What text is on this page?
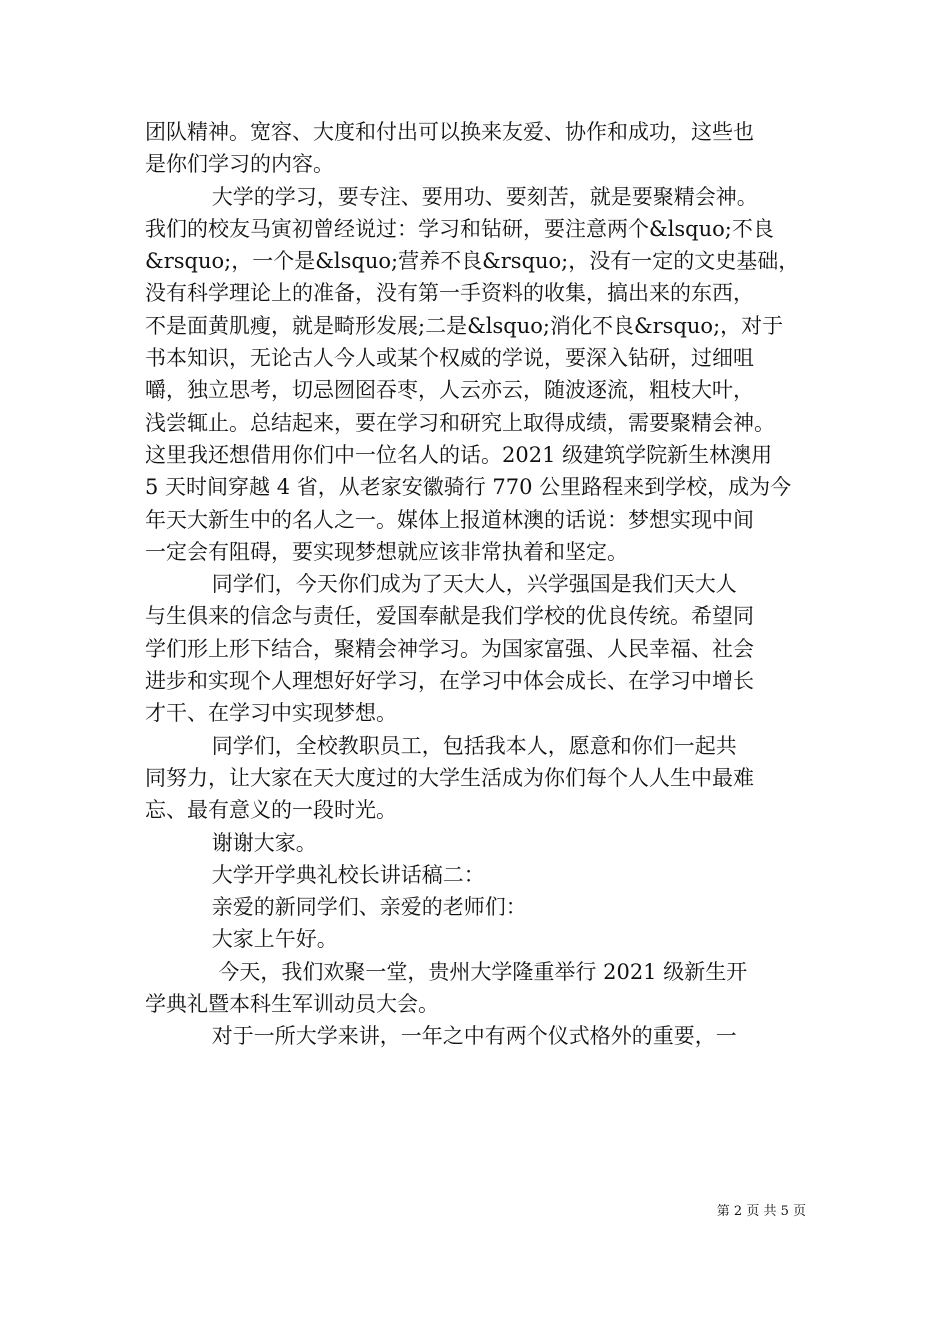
团队精神。宽容、大度和付出可以换来友爱、协作和成功，这些也
是你们学习的内容。
大学的学习，要专注、要用功、要刻苦，就是要聚精会神。
我们的校友马寅初曾经说过：学习和钻研，要注意两个&lsquo;不良
&rsquo;，一个是&lsquo;营养不良&rsquo;，没有一定的文史基础，
没有科学理论上的准备，没有第一手资料的收集，搞出来的东西，
不是面黄肌瘦，就是畸形发展;二是&lsquo;消化不良&rsquo;，对于
书本知识，无论古人今人或某个权威的学说，要深入钻研，过细咀
嚼，独立思考，切忌囫囵吞枣，人云亦云，随波逐流，粗枝大叶，
浅尝辄止。总结起来，要在学习和研究上取得成绩，需要聚精会神。
这里我还想借用你们中一位名人的话。2021 级建筑学院新生林澳用
5 天时间穿越 4 省，从老家安徽骑行 770 公里路程来到学校，成为今
年天大新生中的名人之一。媒体上报道林澳的话说：梦想实现中间
一定会有阻碍，要实现梦想就应该非常执着和坚定。
同学们，今天你们成为了天大人，兴学强国是我们天大人
与生俱来的信念与责任，爱国奉献是我们学校的优良传统。希望同
学们形上形下结合，聚精会神学习。为国家富强、人民幸福、社会
进步和实现个人理想好好学习，在学习中体会成长、在学习中增长
才干、在学习中实现梦想。
同学们，全校教职员工，包括我本人，愿意和你们一起共
同努力，让大家在天大度过的大学生活成为你们每个人人生中最难
忘、最有意义的一段时光。
谢谢大家。
大学开学典礼校长讲话稿二：
亲爱的新同学们、亲爱的老师们：
大家上午好。
今天，我们欢聚一堂，贵州大学隆重举行 2021 级新生开
学典礼暨本科生军训动员大会。
对于一所大学来讲，一年之中有两个仪式格外的重要，一
第 2 页 共 5 页
